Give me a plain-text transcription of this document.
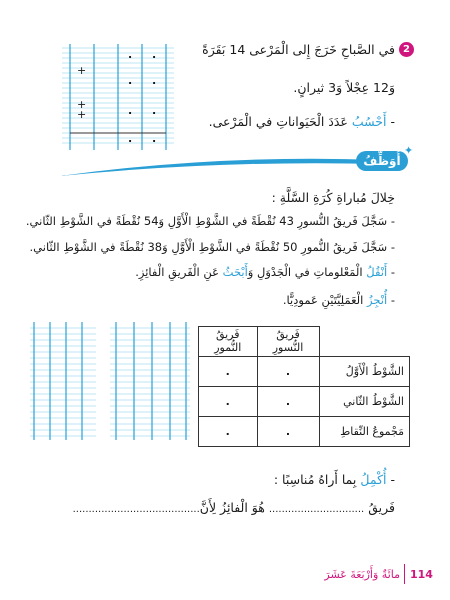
+
+
+
. .
. .
. .
. .
2
في الصَّباحِ خَرَجَ إِلى الْمَرْعى 14 بَقَرَةً
وَ12 عِجْلاً وَ3 ثيرانٍ.
- أَحْسُبُ عَدَدَ الْحَيَواناتِ في الْمَرْعى.
أُوَظِّفُ
✦
خِلالَ مُباراةِ كُرَةِ السَّلَّةِ :
- سَجَّلَ فَريقُ النُّسورِ 43 نُقْطَةً في الشَّوْطِ الْأَوَّلِ وَ54 نُقْطَةً في الشَّوْطِ الثّاني.
- سَجَّلَ فَريقُ النُّمورِ 50 نُقْطَةً في الشَّوْطِ الْأَوَّلِ وَ38 نُقْطَةً في الشَّوْطِ الثّاني.
- أَنْقُلُ الْمَعْلوماتِ في الْجَدْوَلِ وَأَبْحَثُ عَنِ الْفَريقِ الْفائِزِ.
- أُنْجِزُ الْعَمَلِيَّتَيْنِ عَمودِيًّا.
	فَريقُ النُّسورِ	فَريقُ النُّمورِ
الشَّوْطُ الْأَوَّلُ	.	.
الشَّوْطُ الثّاني	.	.
مَجْموعُ النِّقاطِ	.	.
- أُكْمِلُ بِما أَراهُ مُناسِبًا :
فَريقُ .............................. هُوَ الْفائِزُ لِأَنَّ........................................
114
مائَةٌ وَأَرْبَعَةَ عَشَرَ
